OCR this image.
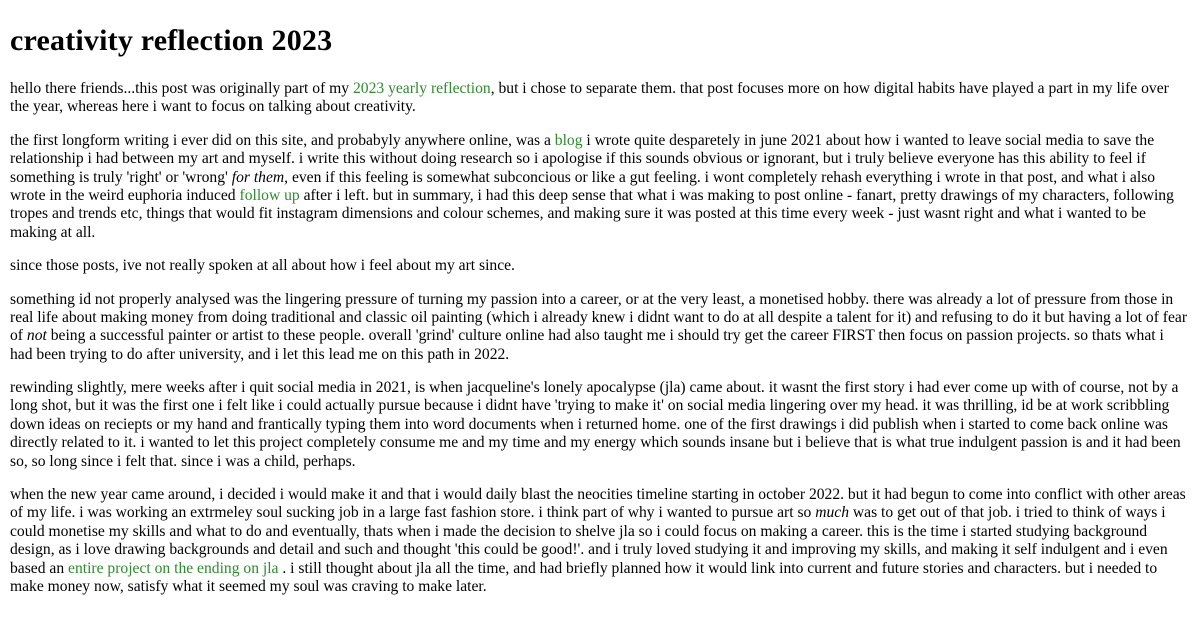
creativity reflection 2023

hello there friends...this post was originally part of my 2023 yearly reflection, but i chose to separate them. that post focuses more on how digital habits have played a part in my life over the year, whereas here i want to focus on talking about creativity.

the first longform writing i ever did on this site, and probabyly anywhere online, was a blog i wrote quite desparetely in june 2021 about how i wanted to leave social media to save the relationship i had between my art and myself. i write this without doing research so i apologise if this sounds obvious or ignorant, but i truly believe everyone has this ability to feel if something is truly 'right' or 'wrong' for them, even if this feeling is somewhat subconcious or like a gut feeling. i wont completely rehash everything i wrote in that post, and what i also wrote in the weird euphoria induced follow up after i left. but in summary, i had this deep sense that what i was making to post online - fanart, pretty drawings of my characters, following tropes and trends etc, things that would fit instagram dimensions and colour schemes, and making sure it was posted at this time every week - just wasnt right and what i wanted to be making at all.

since those posts, ive not really spoken at all about how i feel about my art since.

something id not properly analysed was the lingering pressure of turning my passion into a career, or at the very least, a monetised hobby. there was already a lot of pressure from those in real life about making money from doing traditional and classic oil painting (which i already knew i didnt want to do at all despite a talent for it) and refusing to do it but having a lot of fear of not being a successful painter or artist to these people. overall 'grind' culture online had also taught me i should try get the career FIRST then focus on passion projects. so thats what i had been trying to do after university, and i let this lead me on this path in 2022.

rewinding slightly, mere weeks after i quit social media in 2021, is when jacqueline's lonely apocalypse (jla) came about. it wasnt the first story i had ever come up with of course, not by a long shot, but it was the first one i felt like i could actually pursue because i didnt have 'trying to make it' on social media lingering over my head. it was thrilling, id be at work scribbling down ideas on reciepts or my hand and frantically typing them into word documents when i returned home. one of the first drawings i did publish when i started to come back online was directly related to it. i wanted to let this project completely consume me and my time and my energy which sounds insane but i believe that is what true indulgent passion is and it had been so, so long since i felt that. since i was a child, perhaps.

when the new year came around, i decided i would make it and that i would daily blast the neocities timeline starting in october 2022. but it had begun to come into conflict with other areas of my life. i was working an extrmeley soul sucking job in a large fast fashion store. i think part of why i wanted to pursue art so much was to get out of that job. i tried to think of ways i could monetise my skills and what to do and eventually, thats when i made the decision to shelve jla so i could focus on making a career. this is the time i started studying background design, as i love drawing backgrounds and detail and such and thought 'this could be good!'. and i truly loved studying it and improving my skills, and making it self indulgent and i even based an entire project on the ending on jla . i still thought about jla all the time, and had briefly planned how it would link into current and future stories and characters. but i needed to make money now, satisfy what it seemed my soul was craving to make later.
